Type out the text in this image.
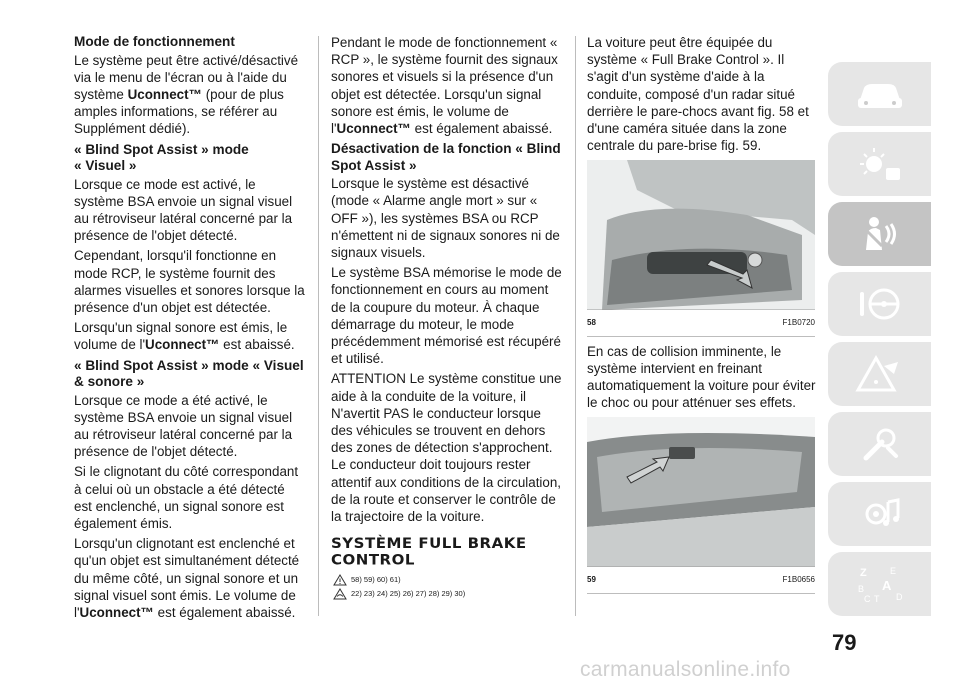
Mode de fonctionnement

Le système peut être activé/désactivé via le menu de l'écran ou à l'aide du système Uconnect™ (pour de plus amples informations, se référer au Supplément dédié).

« Blind Spot Assist » mode
« Visuel »

Lorsque ce mode est activé, le système BSA envoie un signal visuel au rétroviseur latéral concerné par la présence de l'objet détecté.

Cependant, lorsqu'il fonctionne en mode RCP, le système fournit des alarmes visuelles et sonores lorsque la présence d'un objet est détectée.

Lorsqu'un signal sonore est émis, le volume de l'Uconnect™ est abaissé.

« Blind Spot Assist » mode « Visuel
& sonore »

Lorsque ce mode a été activé, le système BSA envoie un signal visuel au rétroviseur latéral concerné par la présence de l'objet détecté.

Si le clignotant du côté correspondant à celui où un obstacle a été détecté est enclenché, un signal sonore est également émis.

Lorsqu'un clignotant est enclenché et qu'un objet est simultanément détecté du même côté, un signal sonore et un signal visuel sont émis. Le volume de l'Uconnect™ est également abaissé.

Pendant le mode de fonctionnement « RCP », le système fournit des signaux sonores et visuels si la présence d'un objet est détectée. Lorsqu'un signal sonore est émis, le volume de l'Uconnect™ est également abaissé.

Désactivation de la fonction « Blind
Spot Assist »

Lorsque le système est désactivé (mode « Alarme angle mort » sur « OFF »), les systèmes BSA ou RCP n'émettent ni de signaux sonores ni de signaux visuels.

Le système BSA mémorise le mode de fonctionnement en cours au moment de la coupure du moteur. À chaque démarrage du moteur, le mode précédemment mémorisé est récupéré et utilisé.

ATTENTION Le système constitue une aide à la conduite de la voiture, il N'avertit PAS le conducteur lorsque des véhicules se trouvent en dehors des zones de détection s'approchent. Le conducteur doit toujours rester attentif aux conditions de la circulation, de la route et conserver le contrôle de la trajectoire de la voiture.

SYSTÈME FULL BRAKE
CONTROL
58) 59) 60) 61)
22) 23) 24) 25) 26) 27) 28) 29) 30)

La voiture peut être équipée du système « Full Brake Control ». Il s'agit d'un système d'aide à la conduite, composé d'un radar situé derrière le pare-chocs avant fig. 58 et d'une caméra située dans la zone centrale du pare-brise fig. 59.

58	F1B0720

En cas de collision imminente, le système intervient en freinant automatiquement la voiture pour éviter le choc ou pour atténuer ses effets.

59	F1B0656
Z	E
A
B
C T D
79
carmanualsonline.info
